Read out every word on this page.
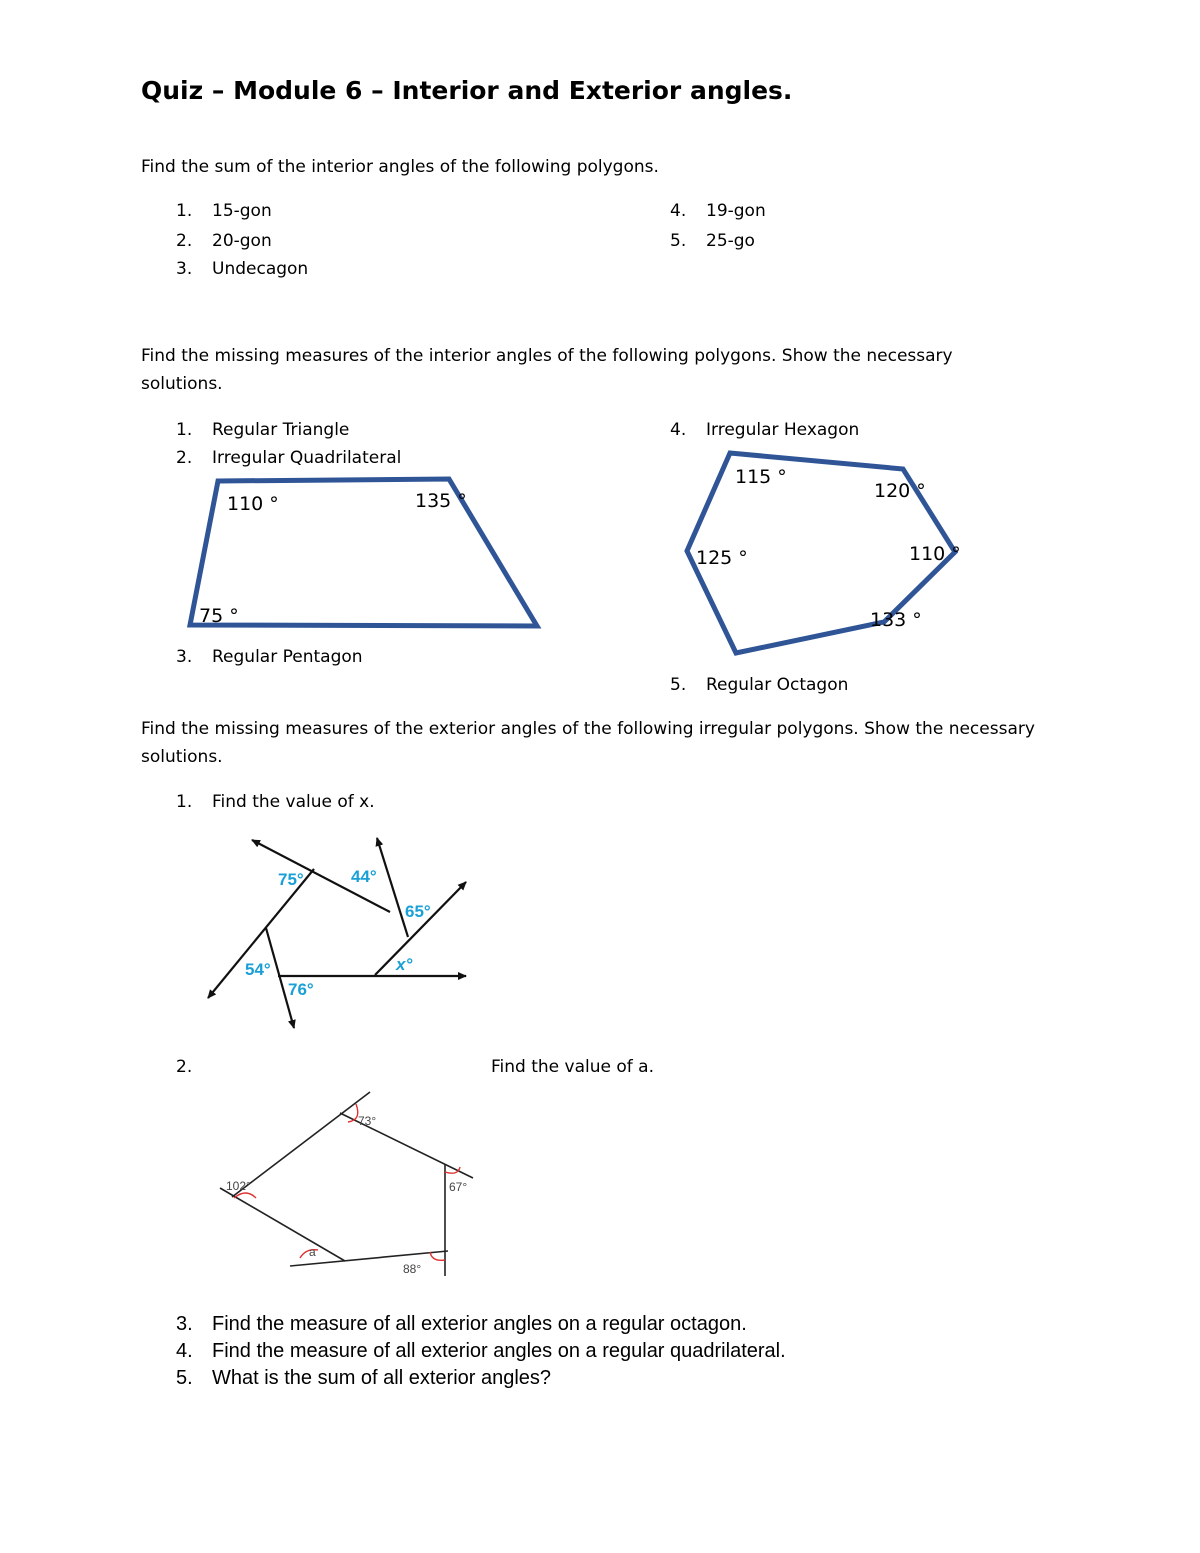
Quiz – Module 6 – Interior and Exterior angles.
Find the sum of the interior angles of the following polygons.
1. 15-gon
2. 20-gon
3. Undecagon
4. 19-gon
5. 25-go
Find the missing measures of the interior angles of the following polygons. Show the necessary
solutions.
1. Regular Triangle
2. Irregular Quadrilateral
3. Regular Pentagon
4. Irregular Hexagon
5. Regular Octagon
110 °	135 °
75 °
115 °
120 °
125 °	110 °
133 °
Find the missing measures of the exterior angles of the following irregular polygons. Show the necessary
solutions.
1. Find the value of x.
75°	44°
65°
x°
54°
76°
2.	Find the value of a.
73°
102°	67°
a
88°
3. Find the measure of all exterior angles on a regular octagon.
4. Find the measure of all exterior angles on a regular quadrilateral.
5. What is the sum of all exterior angles?
